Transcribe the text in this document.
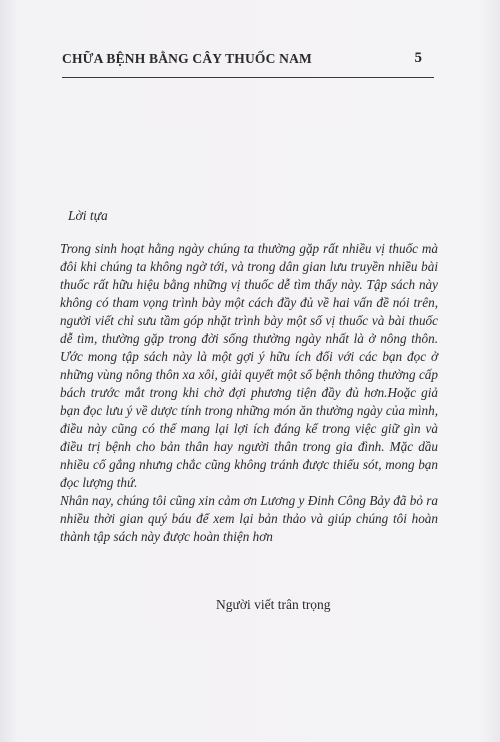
CHỮA BỆNH BẰNG CÂY THUỐC NAM	5
Lời tựa

Trong sinh hoạt hằng ngày chúng ta thường gặp rất nhiều vị thuốc mà đôi khi chúng ta không ngờ tới, và trong dân gian lưu truyền nhiều bài thuốc rất hữu hiệu bằng những vị thuốc dễ tìm thấy này. Tập sách này không có tham vọng trình bày một cách đầy đủ về hai vấn đề nói trên, người viết chỉ sưu tầm góp nhặt trình bày một số vị thuốc và bài thuốc dễ tìm, thường gặp trong đời sống thường ngày nhất là ở nông thôn. Ước mong tập sách này là một gợi ý hữu ích đối với các bạn đọc ở những vùng nông thôn xa xôi, giải quyết một số bệnh thông thường cấp bách trước mắt trong khi chờ đợi phương tiện đầy đủ hơn.Hoặc giả bạn đọc lưu ý về dược tính trong những món ăn thường ngày của mình, điều này cũng có thể mang lại lợi ích đáng kể trong việc giữ gìn và điều trị bệnh cho bản thân hay người thân trong gia đình. Mặc dầu nhiều cố gắng nhưng chắc cũng không tránh được thiếu sót, mong bạn đọc lượng thứ.

Nhân nay, chúng tôi cũng xin cảm ơn Lương y Đinh Công Bảy đã bỏ ra nhiều thời gian quý báu để xem lại bản thảo và giúp chúng tôi hoàn thành tập sách này được hoàn thiện hơn

Người viết trân trọng
